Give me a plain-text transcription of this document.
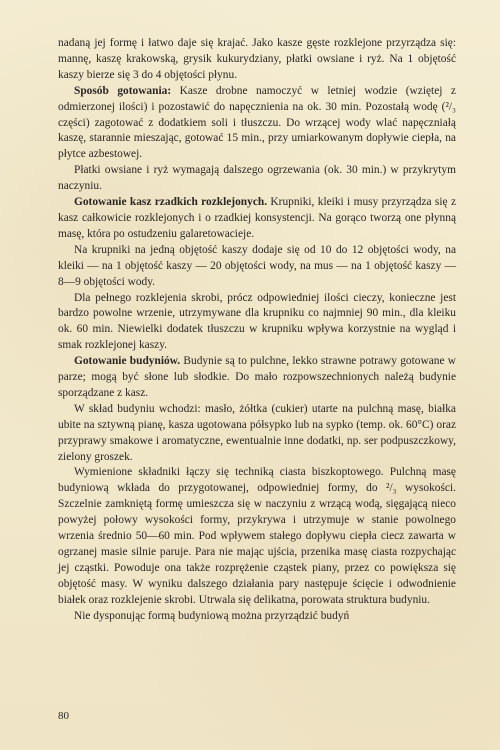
nadaną jej formę i łatwo daje się krajać. Jako kasze gęste rozklejone przyrządza się: mannę, kaszę krakowską, grysik kukurydziany, płatki owsiane i ryż. Na 1 objętość kaszy bierze się 3 do 4 objętości płynu.

Sposób gotowania: Kasze drobne namoczyć w letniej wodzie (wziętej z odmierzonej ilości) i pozostawić do napęcznienia na ok. 30 min. Pozostałą wodę (²/₃ części) zagotować z dodatkiem soli i tłuszczu. Do wrzącej wody wlać napęczniałą kaszę, starannie mieszając, gotować 15 min., przy umiarkowanym dopływie ciepła, na płytce azbestowej.

Płatki owsiane i ryż wymagają dalszego ogrzewania (ok. 30 min.) w przykrytym naczyniu.

Gotowanie kasz rzadkich rozklejonych. Krupniki, kleiki i musy przyrządza się z kasz całkowicie rozklejonych i o rzadkiej konsystencji. Na gorąco tworzą one płynną masę, która po ostudzeniu galaretowacieje.

Na krupniki na jedną objętość kaszy dodaje się od 10 do 12 objętości wody, na kleiki — na 1 objętość kaszy — 20 objętości wody, na mus — na 1 objętość kaszy — 8—9 objętości wody.

Dla pełnego rozklejenia skrobi, prócz odpowiedniej ilości cieczy, konieczne jest bardzo powolne wrzenie, utrzymywane dla krupniku co najmniej 90 min., dla kleiku ok. 60 min. Niewielki dodatek tłuszczu w krupniku wpływa korzystnie na wygląd i smak rozklejonej kaszy.

Gotowanie budyniów. Budynie są to pulchne, lekko strawne potrawy gotowane w parze; mogą być słone lub słodkie. Do mało rozpowszechnionych należą budynie sporządzane z kasz.

W skład budyniu wchodzi: masło, żółtka (cukier) utarte na pulchną masę, białka ubite na sztywną pianę, kasza ugotowana półsypko lub na sypko (temp. ok. 60°C) oraz przyprawy smakowe i aromatyczne, ewentualnie inne dodatki, np. ser podpuszczkowy, zielony groszek.

Wymienione składniki łączy się techniką ciasta biszkoptowego. Pulchną masę budyniową wkłada do przygotowanej, odpowiedniej formy, do ²/₃ wysokości. Szczelnie zamkniętą formę umieszcza się w naczyniu z wrzącą wodą, sięgającą nieco powyżej połowy wysokości formy, przykrywa i utrzymuje w stanie powolnego wrzenia średnio 50—60 min. Pod wpływem stałego dopływu ciepła ciecz zawarta w ogrzanej masie silnie paruje. Para nie mając ujścia, przenika masę ciasta rozpychając jej cząstki. Powoduje ona także rozprężenie cząstek piany, przez co powiększa się objętość masy. W wyniku dalszego działania pary następuje ścięcie i odwodnienie białek oraz rozklejenie skrobi. Utrwala się delikatna, porowata struktura budyniu.

Nie dysponując formą budyniową można przyrządzić budyń

80
